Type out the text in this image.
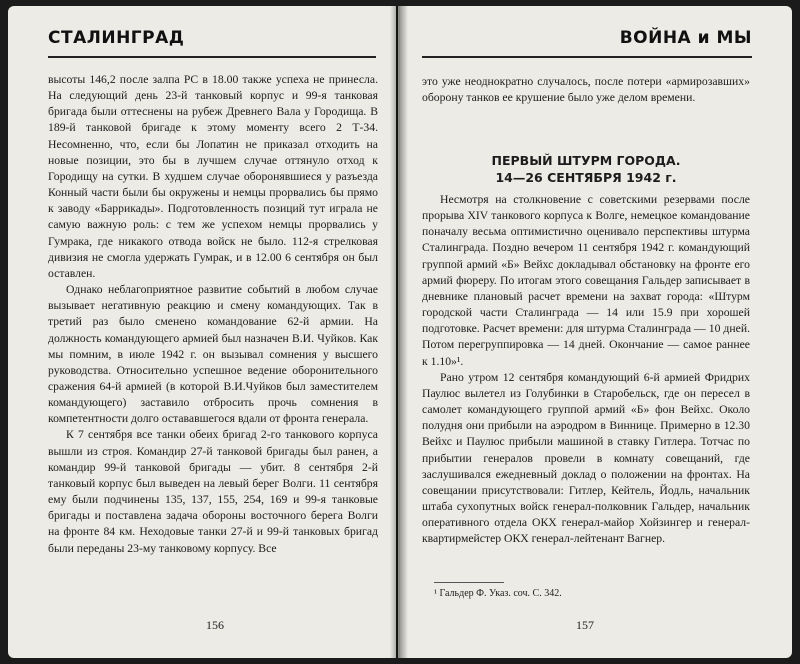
СТАЛИНГРАД

высоты 146,2 после залпа PC в 18.00 также успеха не принесла. На следующий день 23-й танковый корпус и 99-я танковая бригада были оттеснены на рубеж Древнего Вала у Городища. В 189-й танковой бригаде к этому моменту всего 2 Т-34. Несомненно, что, если бы Лопатин не приказал отходить на новые позиции, это бы в лучшем случае оттянуло отход к Городищу на сутки. В худшем случае оборонявшиеся у разъезда Конный части были бы окружены и немцы прорвались бы прямо к заводу «Баррикады». Подготовленность позиций тут играла не самую важную роль: с тем же успехом немцы прорвались у Гумрака, где никакого отвода войск не было. 112-я стрелковая дивизия не смогла удержать Гумрак, и в 12.00 6 сентября он был оставлен.

Однако неблагоприятное развитие событий в любом случае вызывает негативную реакцию и смену командующих. Так в третий раз было сменено командование 62-й армии. На должность командующего армией был назначен В.И. Чуйков. Как мы помним, в июле 1942 г. он вызывал сомнения у высшего руководства. Относительно успешное ведение оборонительного сражения 64-й армией (в которой В.И.Чуйков был заместителем командующего) заставило отбросить прочь сомнения в компетентности долго остававшегося вдали от фронта генерала.

К 7 сентября все танки обеих бригад 2-го танкового корпуса вышли из строя. Командир 27-й танковой бригады был ранен, а командир 99-й танковой бригады — убит. 8 сентября 2-й танковый корпус был выведен на левый берег Волги. 11 сентября ему были подчинены 135, 137, 155, 254, 169 и 99-я танковые бригады и поставлена задача обороны восточного берега Волги на фронте 84 км. Неходовые танки 27-й и 99-й танковых бригад были переданы 23-му танковому корпусу. Все

156
ВОЙНА и МЫ

это уже неоднократно случалось, после потери «армирозавших» оборону танков ее крушение было уже делом времени.

ПЕРВЫЙ ШТУРМ ГОРОДА.
14—26 СЕНТЯБРЯ 1942 г.

Несмотря на столкновение с советскими резервами после прорыва XIV танкового корпуса к Волге, немецкое командование поначалу весьма оптимистично оценивало перспективы штурма Сталинграда. Поздно вечером 11 сентября 1942 г. командующий группой армий «Б» Вейхс докладывал обстановку на фронте его армий фюреру. По итогам этого совещания Гальдер записывает в дневнике плановый расчет времени на захват города: «Штурм городской части Сталинграда — 14 или 15.9 при хорошей подготовке. Расчет времени: для штурма Сталинграда — 10 дней. Потом перегруппировка — 14 дней. Окончание — самое раннее к 1.10»¹.

Рано утром 12 сентября командующий 6-й армией Фридрих Паулюс вылетел из Голубинки в Старобельск, где он пересел в самолет командующего группой армий «Б» фон Вейхс. Около полудня они прибыли на аэродром в Виннице. Примерно в 12.30 Вейхс и Паулюс прибыли машиной в ставку Гитлера. Тотчас по прибытии генералов провели в комнату совещаний, где заслушивался ежедневный доклад о положении на фронтах. На совещании присутствовали: Гитлер, Кейтель, Йодль, начальник штаба сухопутных войск генерал-полковник Гальдер, начальник оперативного отдела ОКХ генерал-майор Хойзингер и генерал-квартирмейстер ОКХ генерал-лейтенант Вагнер.

¹ Гальдер Ф. Указ. соч. С. 342.
157
